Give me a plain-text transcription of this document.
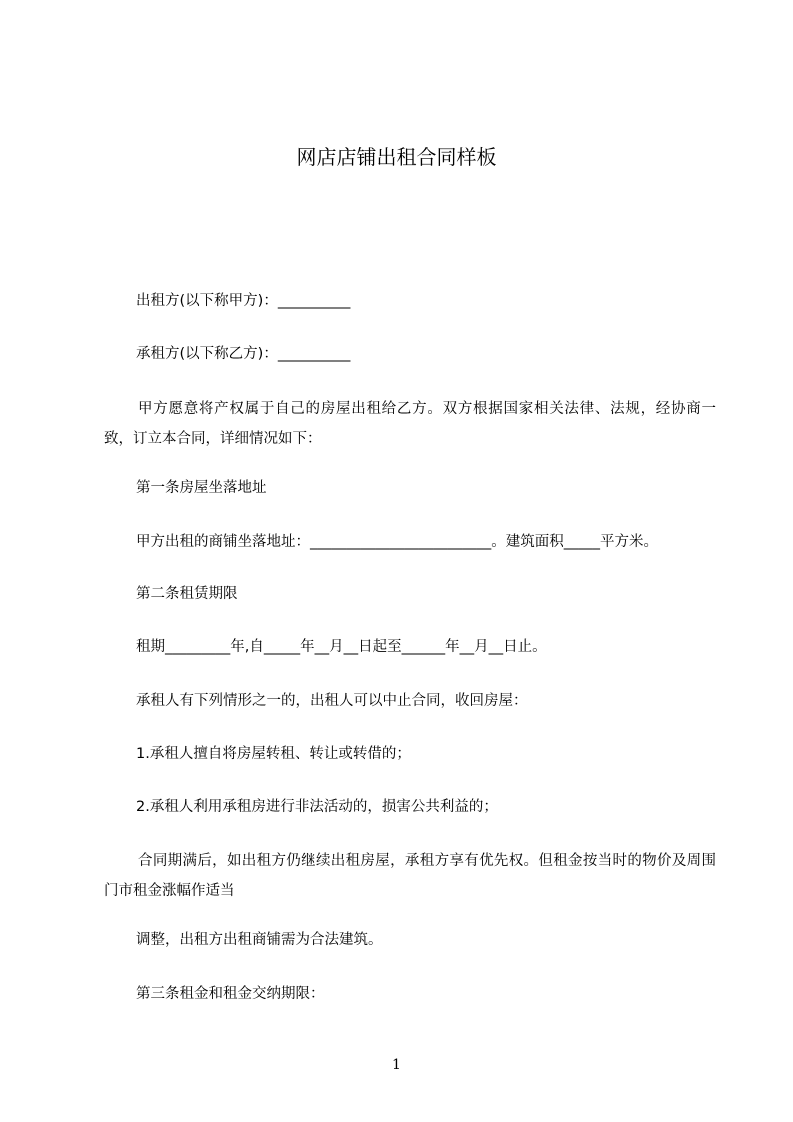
网店店铺出租合同样板
出租方(以下称甲方)：__________
承租方(以下称乙方)：__________
甲方愿意将产权属于自己的房屋出租给乙方。双方根据国家相关法律、法规，经协商一致，订立本合同，详细情况如下：
第一条房屋坐落地址
甲方出租的商铺坐落地址：_________________________。建筑面积_____平方米。
第二条租赁期限
租期_________年,自_____年__月__日起至______年__月__日止。
承租人有下列情形之一的，出租人可以中止合同，收回房屋：
1.承租人擅自将房屋转租、转让或转借的；
2.承租人利用承租房进行非法活动的，损害公共利益的；
合同期满后，如出租方仍继续出租房屋，承租方享有优先权。但租金按当时的物价及周围门市租金涨幅作适当
调整，出租方出租商铺需为合法建筑。
第三条租金和租金交纳期限：
1
